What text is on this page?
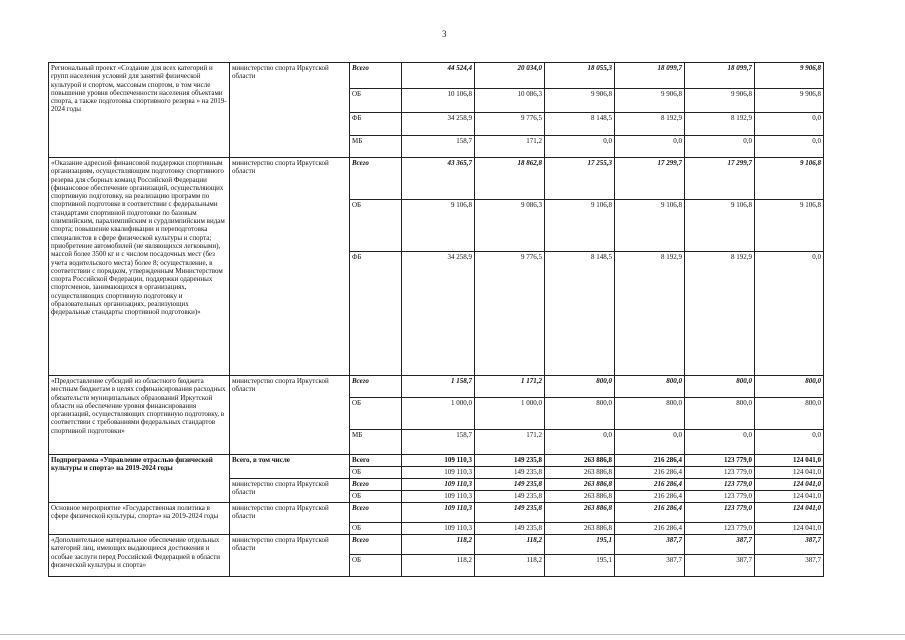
3
Региональный проект «Создание для всех категорий и групп населения условий для занятий физической культурой и спортом, массовым спортом, в том числе повышение уровня обеспеченности населения объектами спорта, а также подготовка спортивного резерва » на 2019-2024 годы	министерство спорта Иркутской области	Всего	44 524,4	20 034,0	18 055,3	18 099,7	18 099,7	9 906,8
		ОБ	10 106,8	10 086,3	9 906,8	9 906,8	9 906,8	9 906,8
		ФБ	34 258,9	9 776,5	8 148,5	8 192,9	8 192,9	0,0
		МБ	158,7	171,2	0,0	0,0	0,0	0,0
«Оказание адресной финансовой поддержки спортивным организациям, осуществляющим подготовку спортивного резерва для сборных команд Российской Федерации (финансовое обеспечение организаций, осуществляющих спортивную подготовку, на реализацию программ по спортивной подготовке в соответствии с федеральными стандартами спортивной подготовки по базовым олимпийским, паралимпийским и сурдлимпийским видам спорта; повышение квалификации и переподготовка специалистов в сфере физической культуры и спорта; приобретение автомобилей (не являющихся легковыми), массой более 3500 кг и с числом посадочных мест (без учета водительского места) более 8; осуществление, в соответствии с порядком, утвержденным Министерством спорта Российской Федерации, поддержки одаренных спортсменов, занимающихся в организациях, осуществляющих спортивную подготовку и образовательных организациях, реализующих федеральные стандарты спортивной подготовки)»	министерство спорта Иркутской области	Всего	43 365,7	18 862,8	17 255,3	17 299,7	17 299,7	9 106,8
		ОБ	9 106,8	9 086,3	9 106,8	9 106,8	9 106,8	9 106,8
		ФБ	34 258,9	9 776,5	8 148,5	8 192,9	8 192,9	0,0
«Предоставление субсидий из областного бюджета местным бюджетам в целях софинансирования расходных обязательств муниципальных образований Иркутской области на обеспечение уровня финансирования организаций, осуществляющих спортивную подготовку, в соответствии с требованиями федеральных стандартов спортивной подготовки»	министерство спорта Иркутской области	Всего	1 158,7	1 171,2	800,0	800,0	800,0	800,0
		ОБ	1 000,0	1 000,0	800,0	800,0	800,0	800,0
		МБ	158,7	171,2	0,0	0,0	0,0	0,0
Подпрограмма «Управление отраслью физической культуры и спорта» на 2019-2024 годы	Всего, в том числе	Всего	109 110,3	149 235,8	263 886,8	216 286,4	123 779,0	124 041,0
		ОБ	109 110,3	149 235,8	263 886,8	216 286,4	123 779,0	124 041,0
	министерство спорта Иркутской области	Всего	109 110,3	149 235,8	263 886,8	216 286,4	123 779,0	124 041,0
		ОБ	109 110,3	149 235,8	263 886,8	216 286,4	123 779,0	124 041,0
Основное мероприятие «Государственная политика в сфере физической культуры, спорта» на 2019-2024 годы	министерство спорта Иркутской области	Всего	109 110,3	149 235,8	263 886,8	216 286,4	123 779,0	124 041,0
		ОБ	109 110,3	149 235,8	263 886,8	216 286,4	123 779,0	124 041,0
«Дополнительное материальное обеспечение отдельных категорий лиц, имеющих выдающиеся достижения и особые заслуги перед Российской Федерацией в области физической культуры и спорта»	министерство спорта Иркутской области	Всего	118,2	118,2	195,1	387,7	387,7	387,7
		ОБ	118,2	118,2	195,1	387,7	387,7	387,7
